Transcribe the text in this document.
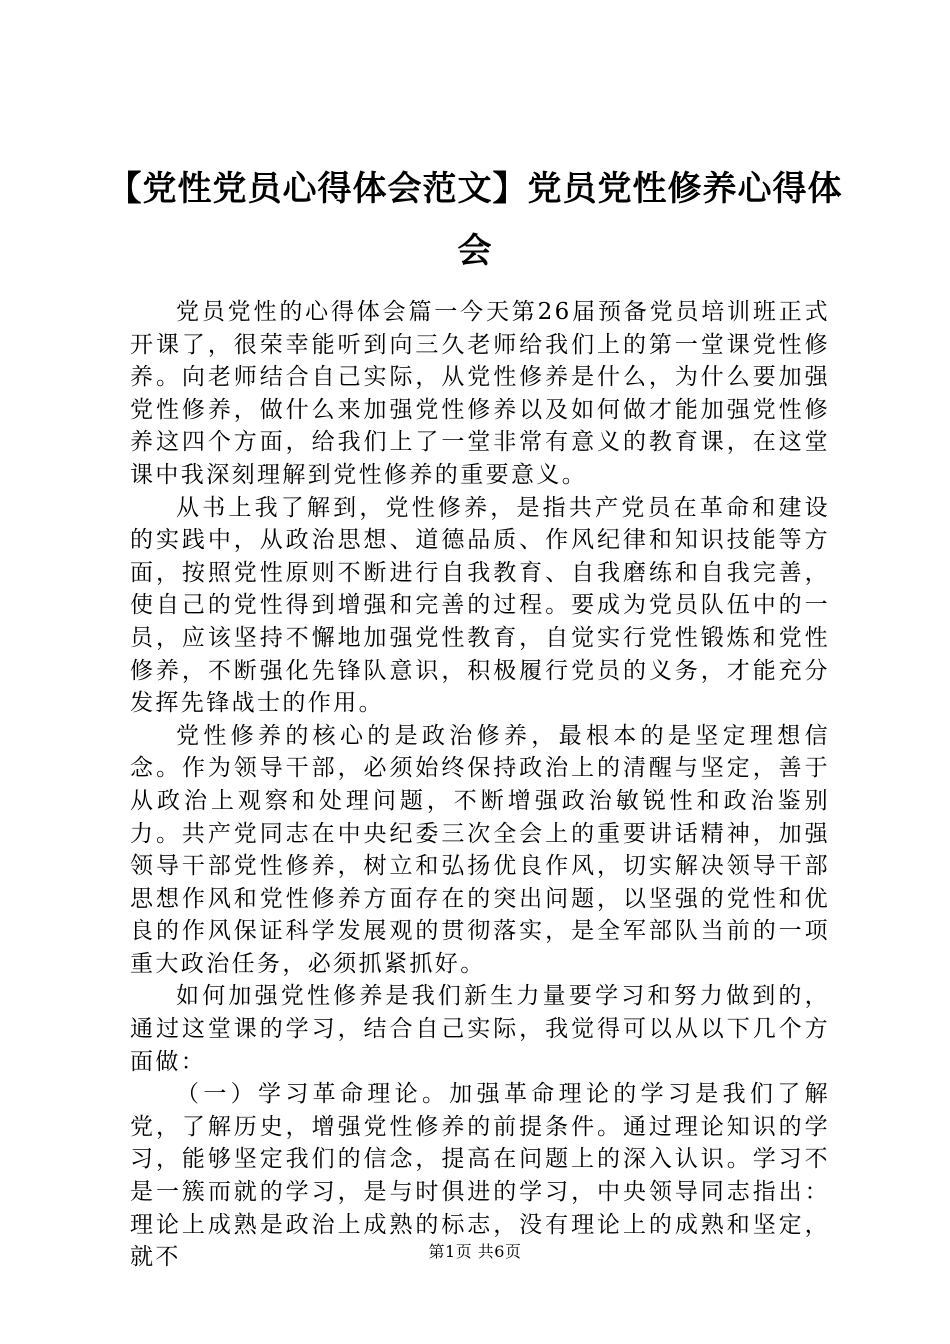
【党性党员心得体会范文】党员党性修养心得体会

党员党性的心得体会篇一今天第26届预备党员培训班正式开课了，很荣幸能听到向三久老师给我们上的第一堂课党性修养。向老师结合自己实际，从党性修养是什么，为什么要加强党性修养，做什么来加强党性修养以及如何做才能加强党性修养这四个方面，给我们上了一堂非常有意义的教育课，在这堂课中我深刻理解到党性修养的重要意义。

从书上我了解到，党性修养，是指共产党员在革命和建设的实践中，从政治思想、道德品质、作风纪律和知识技能等方面，按照党性原则不断进行自我教育、自我磨练和自我完善，使自己的党性得到增强和完善的过程。要成为党员队伍中的一员，应该坚持不懈地加强党性教育，自觉实行党性锻炼和党性修养，不断强化先锋队意识，积极履行党员的义务，才能充分发挥先锋战士的作用。

党性修养的核心的是政治修养，最根本的是坚定理想信念。作为领导干部，必须始终保持政治上的清醒与坚定，善于从政治上观察和处理问题，不断增强政治敏锐性和政治鉴别力。共产党同志在中央纪委三次全会上的重要讲话精神，加强领导干部党性修养，树立和弘扬优良作风，切实解决领导干部思想作风和党性修养方面存在的突出问题，以坚强的党性和优良的作风保证科学发展观的贯彻落实，是全军部队当前的一项重大政治任务，必须抓紧抓好。

如何加强党性修养是我们新生力量要学习和努力做到的，通过这堂课的学习，结合自己实际，我觉得可以从以下几个方面做：

（一）学习革命理论。加强革命理论的学习是我们了解党，了解历史，增强党性修养的前提条件。通过理论知识的学习，能够坚定我们的信念，提高在问题上的深入认识。学习不是一簇而就的学习，是与时俱进的学习，中央领导同志指出：理论上成熟是政治上成熟的标志，没有理论上的成熟和坚定，就不	第1页 共6页
